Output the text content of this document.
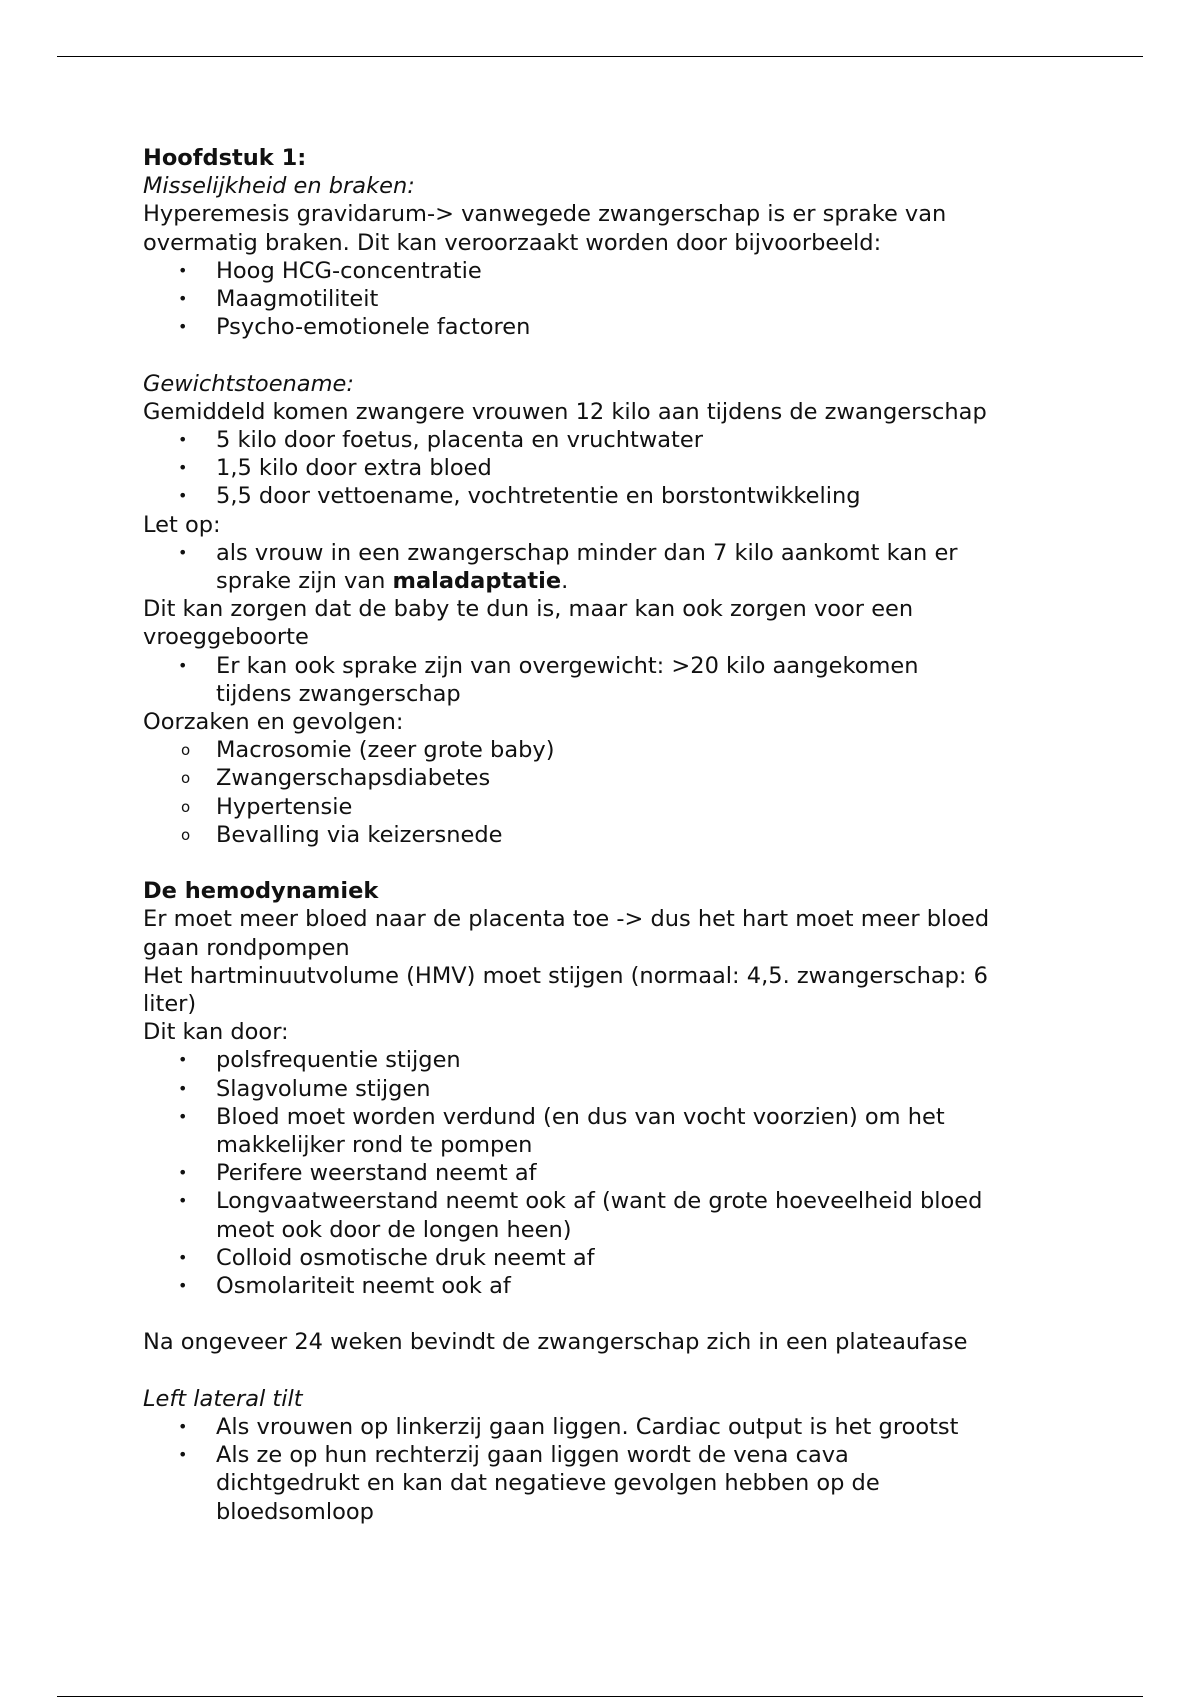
Hoofdstuk 1:

Misselijkheid en braken:

Hyperemesis gravidarum-> vanwegede zwangerschap is er sprake van

overmatig braken. Dit kan veroorzaakt worden door bijvoorbeeld:

•	Hoog HCG-concentratie
•	Maagmotiliteit
•	Psycho-emotionele factoren

Gewichtstoename:

Gemiddeld komen zwangere vrouwen 12 kilo aan tijdens de zwangerschap

•	5 kilo door foetus, placenta en vruchtwater
•	1,5 kilo door extra bloed
•	5,5 door vettoename, vochtretentie en borstontwikkeling

Let op:

•	als vrouw in een zwangerschap minder dan 7 kilo aankomt kan er
sprake zijn van maladaptatie.

Dit kan zorgen dat de baby te dun is, maar kan ook zorgen voor een

vroeggeboorte

•	Er kan ook sprake zijn van overgewicht: >20 kilo aangekomen
tijdens zwangerschap

Oorzaken en gevolgen:

o	Macrosomie (zeer grote baby)
o	Zwangerschapsdiabetes
o	Hypertensie
o	Bevalling via keizersnede

De hemodynamiek

Er moet meer bloed naar de placenta toe -> dus het hart moet meer bloed

gaan rondpompen

Het hartminuutvolume (HMV) moet stijgen (normaal: 4,5. zwangerschap: 6

liter)

Dit kan door:

•	polsfrequentie stijgen
•	Slagvolume stijgen
•	Bloed moet worden verdund (en dus van vocht voorzien) om het
makkelijker rond te pompen
•	Perifere weerstand neemt af
•	Longvaatweerstand neemt ook af (want de grote hoeveelheid bloed
meot ook door de longen heen)
•	Colloid osmotische druk neemt af
•	Osmolariteit neemt ook af

Na ongeveer 24 weken bevindt de zwangerschap zich in een plateaufase

Left lateral tilt

•	Als vrouwen op linkerzij gaan liggen. Cardiac output is het grootst
•	Als ze op hun rechterzij gaan liggen wordt de vena cava
dichtgedrukt en kan dat negatieve gevolgen hebben op de
bloedsomloop
